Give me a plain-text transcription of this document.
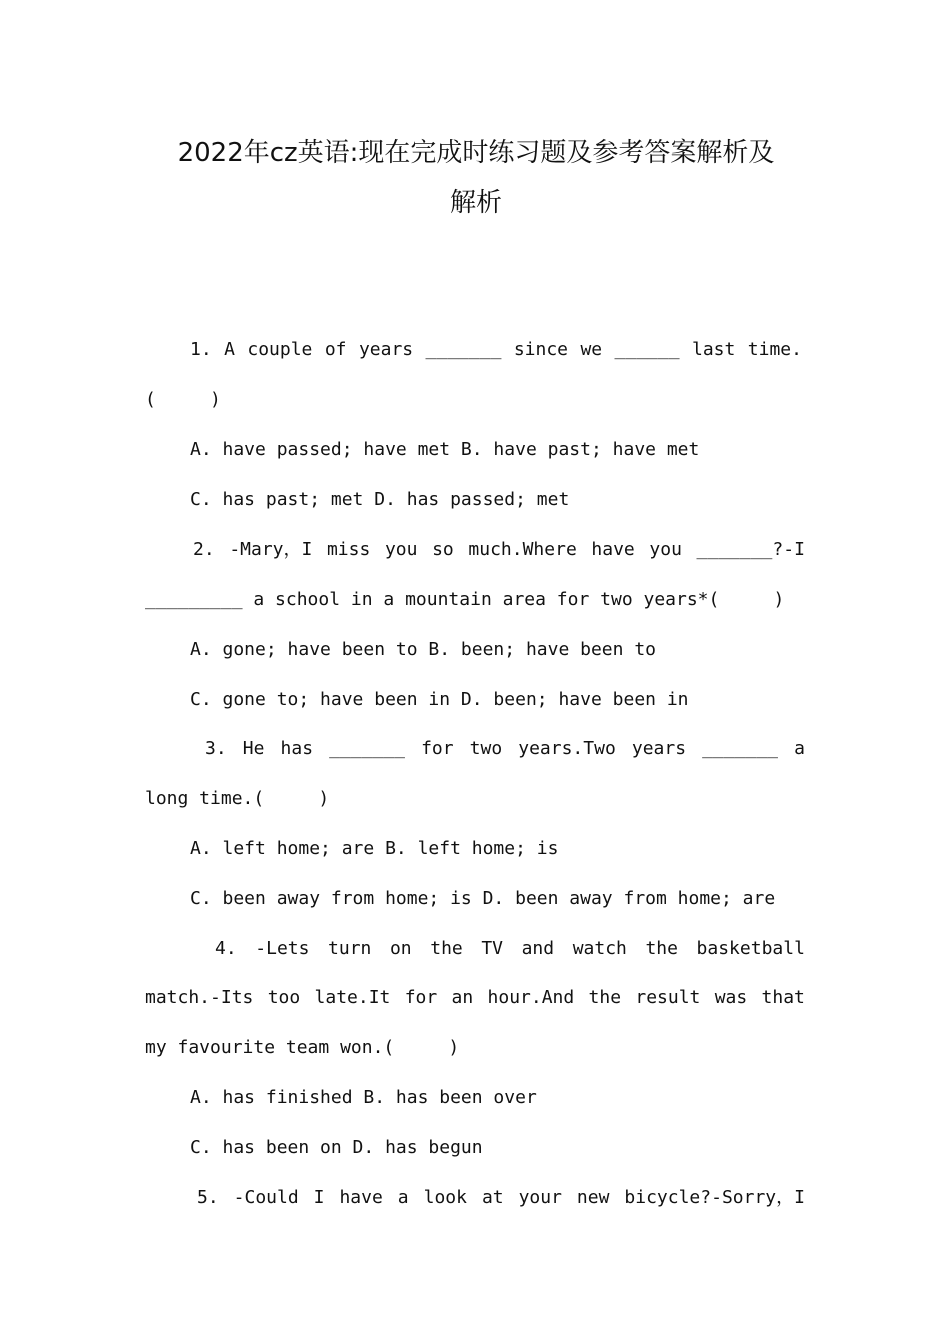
2022年cz英语:现在完成时练习题及参考答案解析及
解析
1. A couple of years _______ since we ______ last time.
(     )
A. have passed; have met B. have past; have met
C. has past; met D. has passed; met
2. -Mary，I miss you so much.Where have you _______?-I
_________ a school in a mountain area for two years*(     )
A. gone; have been to B. been; have been to
C. gone to; have been in D. been; have been in
3. He has _______ for two years.Two years _______ a
long time.(     )
A. left home; are B. left home; is
C. been away from home; is D. been away from home; are
4. -Lets turn on the TV and watch the basketball
match.-Its too late.It for an hour.And the result was that
my favourite team won.(     )
A. has finished B. has been over
C. has been on D. has begun
5. -Could I have a look at your new bicycle?-Sorry，I
